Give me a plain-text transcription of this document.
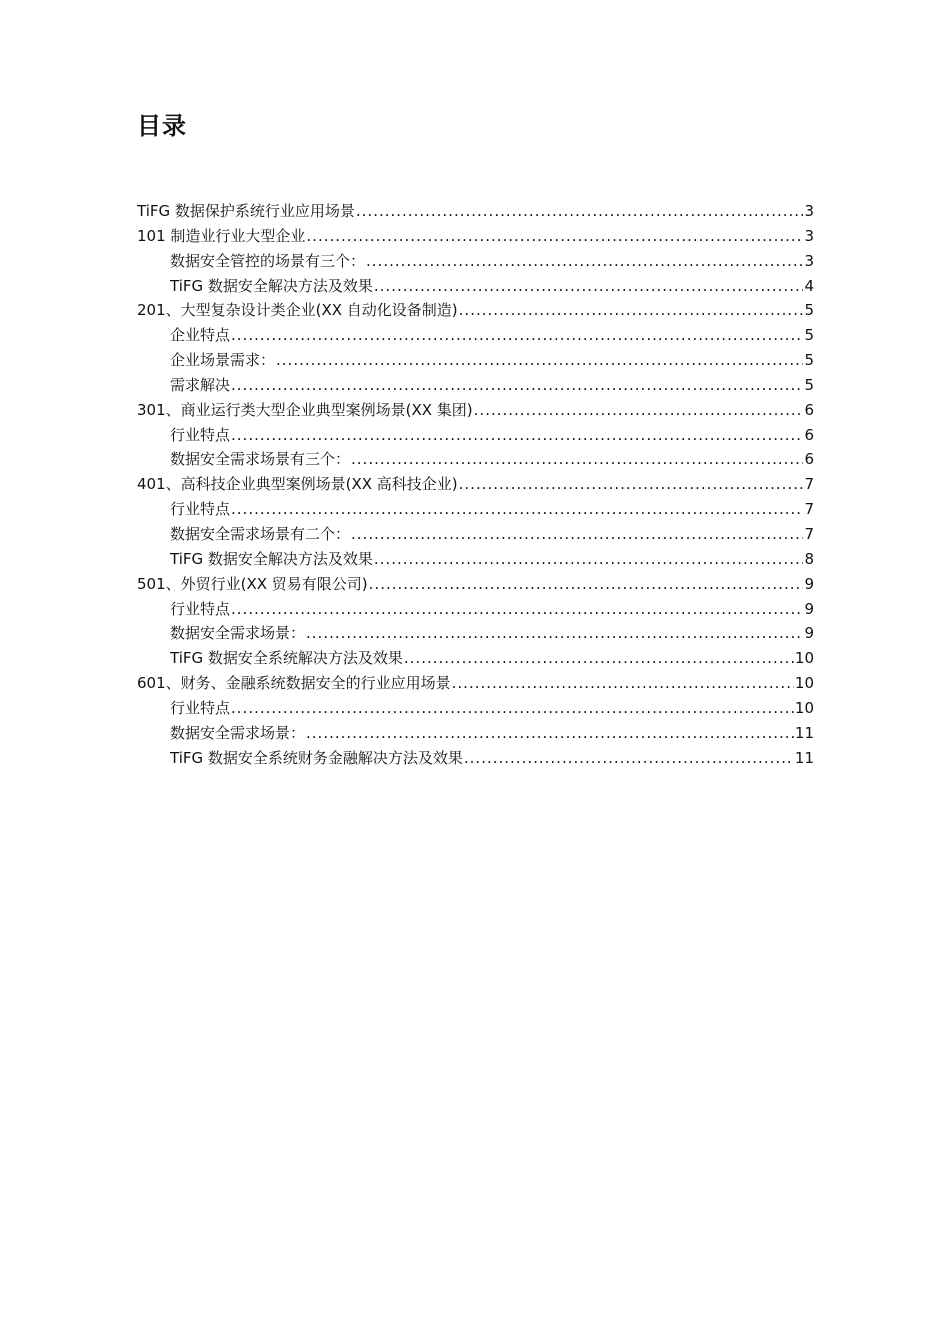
目录
TiFG 数据保护系统行业应用场景 .....	3
101 制造业行业大型企业 .....	3
数据安全管控的场景有三个： .....	3
TiFG 数据安全解决方法及效果 .....	4
201、大型复杂设计类企业(XX 自动化设备制造) .....	5
企业特点 .....	5
企业场景需求： .....	5
需求解决 .....	5
301、商业运行类大型企业典型案例场景(XX 集团) .....	6
行业特点 .....	6
数据安全需求场景有三个： .....	6
401、高科技企业典型案例场景(XX 高科技企业) .....	7
行业特点 .....	7
数据安全需求场景有二个： .....	7
TiFG 数据安全解决方法及效果 .....	8
501、外贸行业(XX 贸易有限公司) .....	9
行业特点 .....	9
数据安全需求场景： .....	9
TiFG 数据安全系统解决方法及效果 .....	10
601、财务、金融系统数据安全的行业应用场景 .....	10
行业特点 .....	10
数据安全需求场景： .....	11
TiFG 数据安全系统财务金融解决方法及效果 .....	11
